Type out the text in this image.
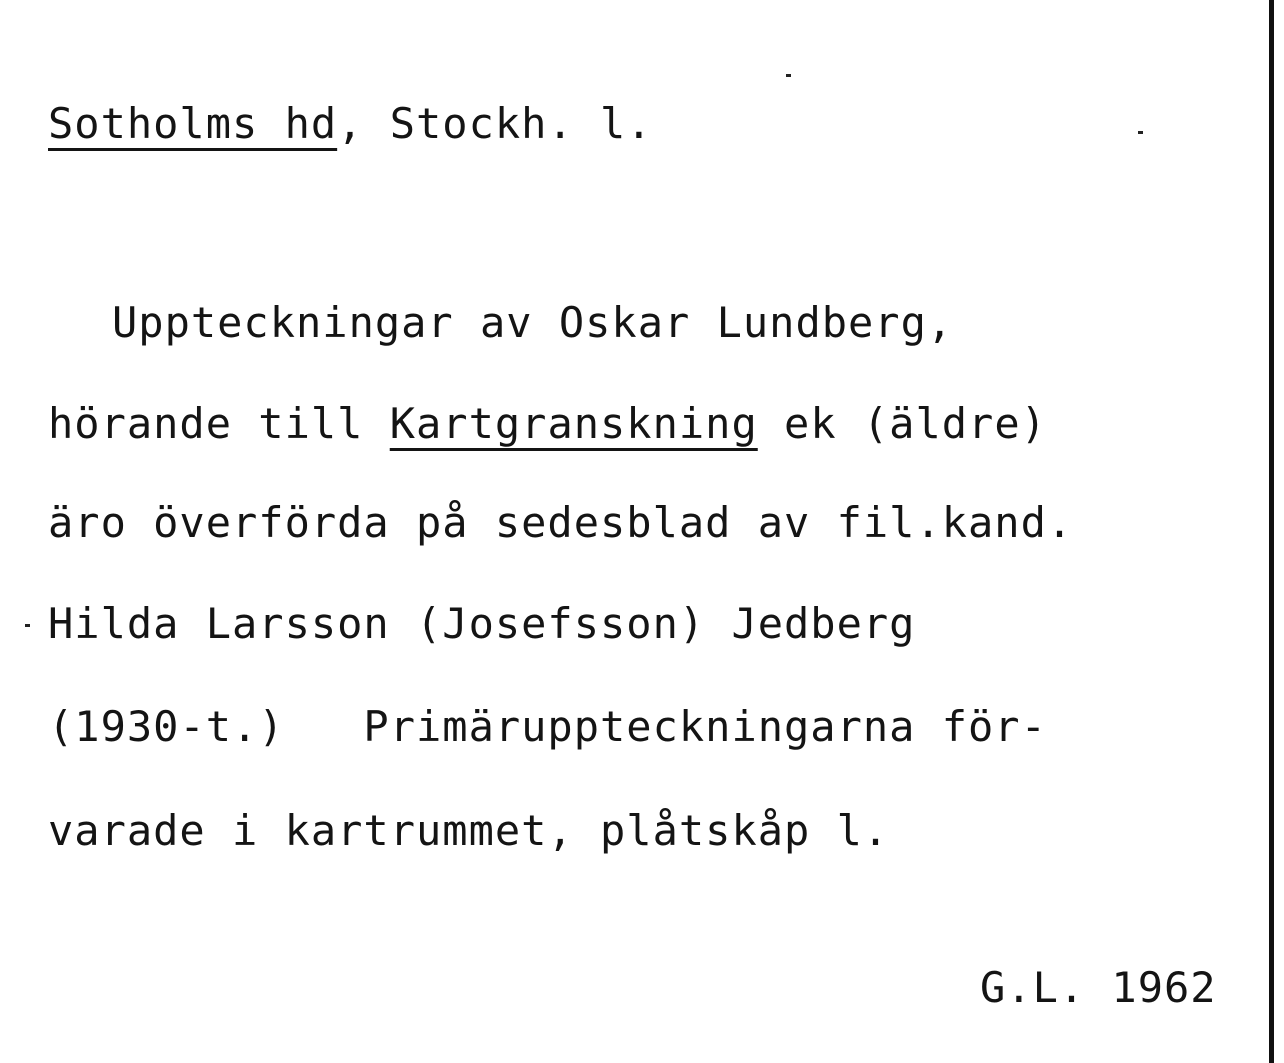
Sotholms hd, Stockh. l.
Uppteckningar av Oskar Lundberg,
hörande till Kartgranskning ek (äldre)
äro överförda på sedesblad av fil.kand.
Hilda Larsson (Josefsson) Jedberg
(1930-t.)   Primäruppteckningarna för-
varade i kartrummet, plåtskåp l.
G.L. 1962
